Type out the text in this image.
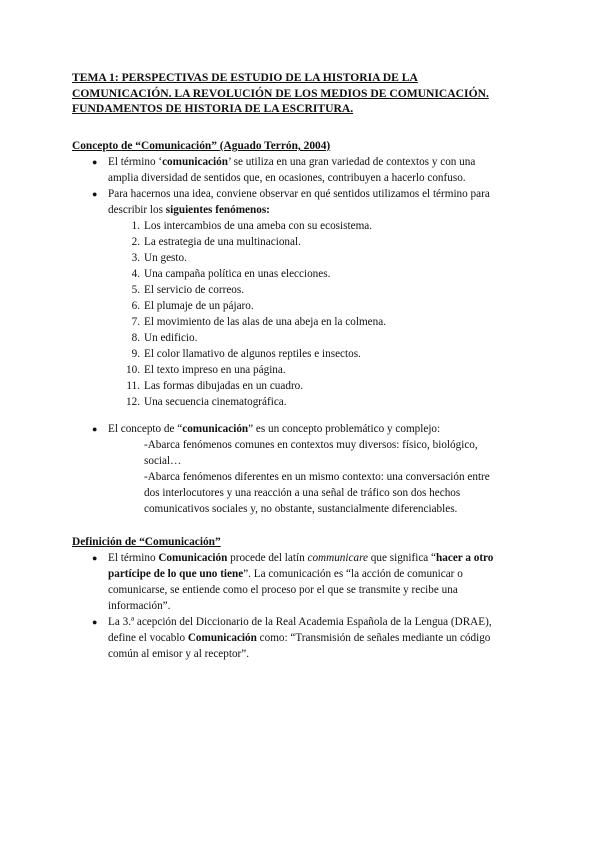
TEMA 1: PERSPECTIVAS DE ESTUDIO DE LA HISTORIA DE LA
COMUNICACIÓN. LA REVOLUCIÓN DE LOS MEDIOS DE COMUNICACIÓN.
FUNDAMENTOS DE HISTORIA DE LA ESCRITURA.
Concepto de “Comunicación” (Aguado Terrón, 2004)
● El término ‘comunicación’ se utiliza en una gran variedad de contextos y con una
amplia diversidad de sentidos que, en ocasiones, contribuyen a hacerlo confuso.
● Para hacernos una idea, conviene observar en qué sentidos utilizamos el término para
describir los siguientes fenómenos:
1. Los intercambios de una ameba con su ecosistema.
2. La estrategia de una multinacional.
3. Un gesto.
4. Una campaña política en unas elecciones.
5. El servicio de correos.
6. El plumaje de un pájaro.
7. El movimiento de las alas de una abeja en la colmena.
8. Un edificio.
9. El color llamativo de algunos reptiles e insectos.
10. El texto impreso en una página.
11. Las formas dibujadas en un cuadro.
12. Una secuencia cinematográfica.
● El concepto de “comunicación” es un concepto problemático y complejo:
-Abarca fenómenos comunes en contextos muy diversos: físico, biológico,
social…
-Abarca fenómenos diferentes en un mismo contexto: una conversación entre
dos interlocutores y una reacción a una señal de tráfico son dos hechos
comunicativos sociales y, no obstante, sustancialmente diferenciables.
Definición de “Comunicación”
● El término Comunicación procede del latín communicare que significa “hacer a otro
partícipe de lo que uno tiene”. La comunicación es “la acción de comunicar o
comunicarse, se entiende como el proceso por el que se transmite y recibe una
información”.
● La 3.ª acepción del Diccionario de la Real Academia Española de la Lengua (DRAE),
define el vocablo Comunicación como: “Transmisión de señales mediante un código
común al emisor y al receptor”.
